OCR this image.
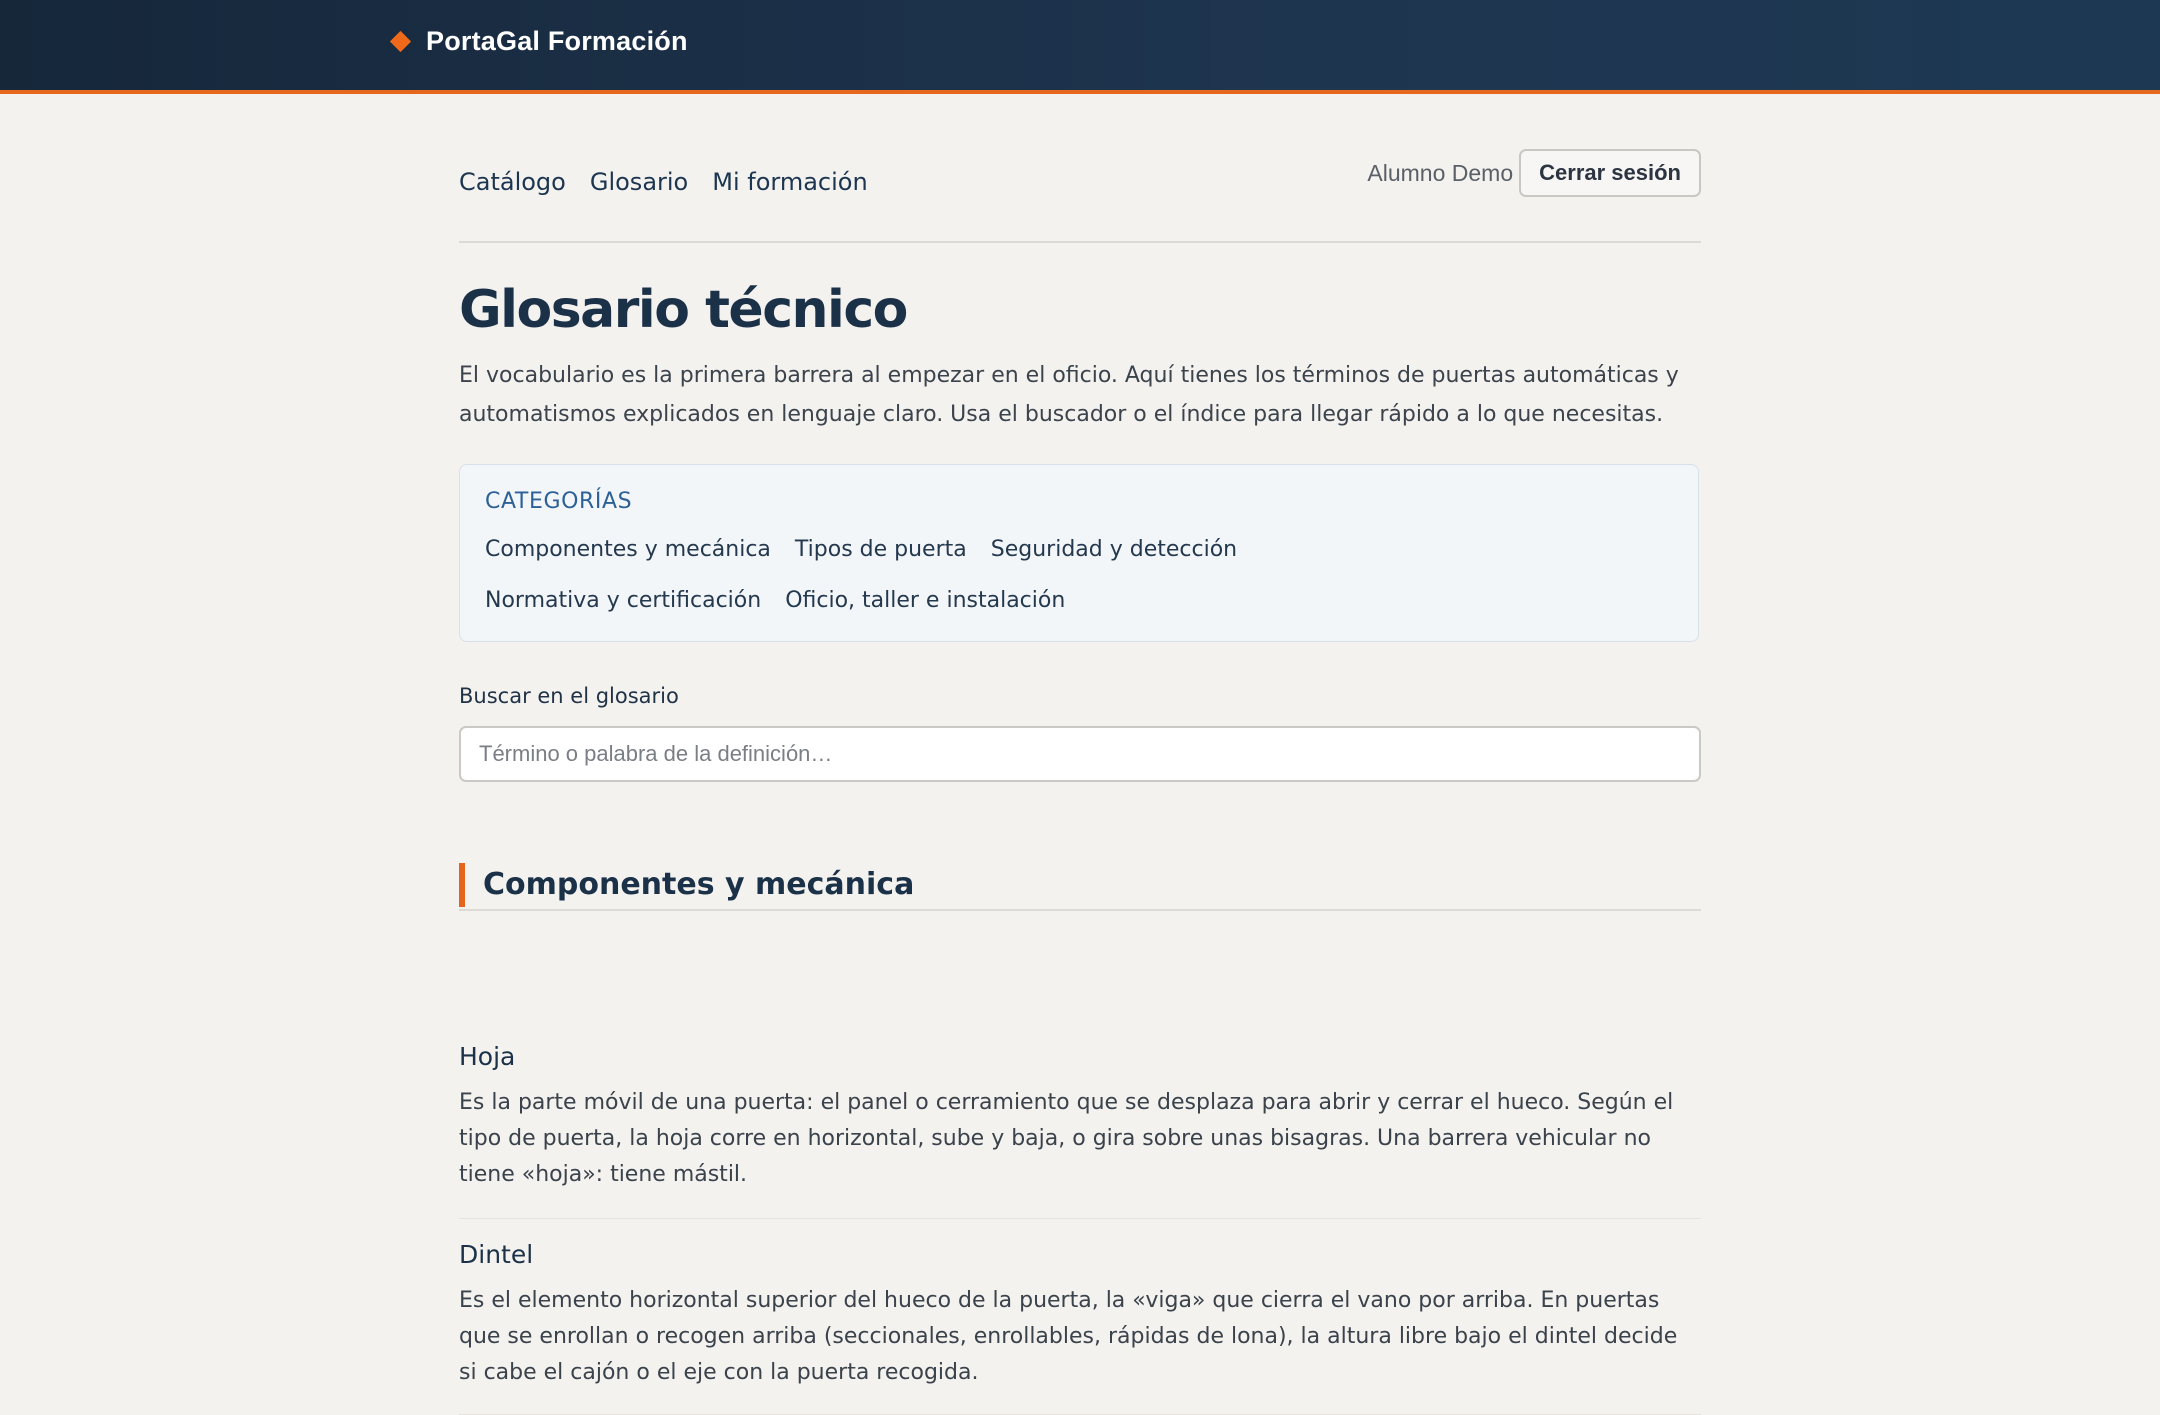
PortaGal Formación
Catálogo Glosario Mi formación	Alumno Demo	Cerrar sesión
Glosario técnico

El vocabulario es la primera barrera al empezar en el oficio. Aquí tienes los términos de puertas automáticas y automatismos explicados en lenguaje claro. Usa el buscador o el índice para llegar rápido a lo que necesitas.

CATEGORÍAS
Componentes y mecánica Tipos de puerta Seguridad y detección
Normativa y certificación Oficio, taller e instalación
Buscar en el glosario
Término o palabra de la definición…
Componentes y mecánica
Hoja

Es la parte móvil de una puerta: el panel o cerramiento que se desplaza para abrir y cerrar el hueco. Según el tipo de puerta, la hoja corre en horizontal, sube y baja, o gira sobre unas bisagras. Una barrera vehicular no tiene «hoja»: tiene mástil.

Dintel

Es el elemento horizontal superior del hueco de la puerta, la «viga» que cierra el vano por arriba. En puertas que se enrollan o recogen arriba (seccionales, enrollables, rápidas de lona), la altura libre bajo el dintel decide si cabe el cajón o el eje con la puerta recogida.
